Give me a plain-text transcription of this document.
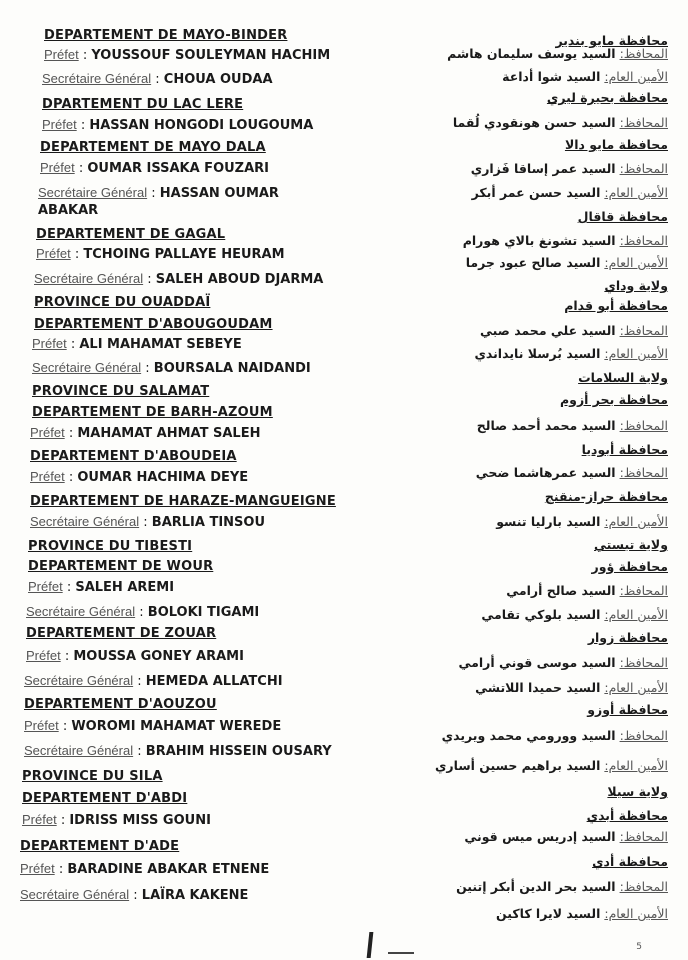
DEPARTEMENT DE MAYO-BINDER
Préfet : YOUSSOUF SOULEYMAN HACHIM
Secrétaire Général : CHOUA OUDAA
DPARTEMENT DU LAC LERE
Préfet : HASSAN HONGODI LOUGOUMA
DEPARTEMENT DE MAYO DALA
Préfet : OUMAR ISSAKA FOUZARI
Secrétaire Général : HASSAN OUMAR
ABAKAR
DEPARTEMENT DE GAGAL
Préfet : TCHOING PALLAYE HEURAM
Secrétaire Général : SALEH ABOUD DJARMA
PROVINCE DU OUADDAÏ
DEPARTEMENT D'ABOUGOUDAM
Préfet : ALI MAHAMAT SEBEYE
Secrétaire Général : BOURSALA NAIDANDI
PROVINCE DU SALAMAT
DEPARTEMENT DE BARH-AZOUM
Préfet : MAHAMAT AHMAT SALEH
DEPARTEMENT D'ABOUDEIA
Préfet : OUMAR HACHIMA DEYE
DEPARTEMENT DE HARAZE-MANGUEIGNE
Secrétaire Général : BARLIA TINSOU
PROVINCE DU TIBESTI
DEPARTEMENT DE WOUR
Préfet : SALEH AREMI
Secrétaire Général : BOLOKI TIGAMI
DEPARTEMENT DE ZOUAR
Préfet : MOUSSA GONEY ARAMI
Secrétaire Général : HEMEDA ALLATCHI
DEPARTEMENT D'AOUZOU
Préfet : WOROMI MAHAMAT WEREDE
Secrétaire Général : BRAHIM HISSEIN OUSARY
PROVINCE DU SILA
DEPARTEMENT D'ABDI
Préfet : IDRISS MISS GOUNI
DEPARTEMENT D'ADE
Préfet : BARADINE ABAKAR ETNENE
Secrétaire Général : LAÏRA KAKENE
محافظة مايو بندير
المحافظ: السيد يوسف سليمان هاشم
الأمين العام: السيد شوا أداعة
محافظة بحيرة ليري
المحافظ: السيد حسن هونقودي لُقما
محافظة مايو دالا
المحافظ: السيد عمر إساقا فَزاري
الأمين العام: السيد حسن عمر أبكر
محافظة قاقال
المحافظ: السيد تشونغ بالاي هورام
الأمين العام: السيد صالح عبود جرما
ولاية وداي
محافظة أبو قدام
المحافظ: السيد علي محمد صبي
الأمين العام: السيد بُرسلا نايداندي
ولاية السلامات
محافظة بحر أزوم
المحافظ: السيد محمد أحمد صالح
محافظة أبوديا
المحافظ: السيد عمرهاشما ضحي
محافظة حراز-منقنج
الأمين العام: السيد بارليا تنسو
ولاية تبستي
محافظة ؤور
المحافظ: السيد صالح أرامي
الأمين العام: السيد بلوكي تقامي
محافظة زوار
المحافظ: السيد موسى قوني أرامي
الأمين العام: السيد حميدا اللاتشي
محافظة أوزو
المحافظ: السيد وورومي محمد ويريدي
الأمين العام: السيد براهيم حسين أساري
ولاية سيلا
محافظة أبدي
المحافظ: السيد إدريس ميس قوني
محافظة أدي
المحافظ: السيد بحر الدين أبكر إتنين
الأمين العام: السيد لايرا كاكين
5
